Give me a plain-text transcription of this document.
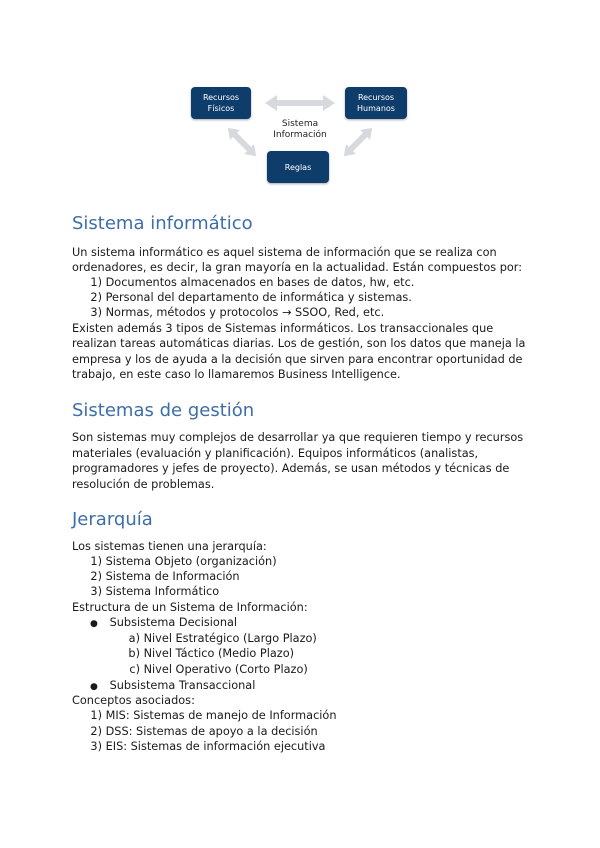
Recursos
Físicos
Recursos
Humanos
Reglas
Sistema
Información
Sistema informático

Un sistema informático es aquel sistema de información que se realiza con

ordenadores, es decir, la gran mayoría en la actualidad. Están compuestos por:

1) Documentos almacenados en bases de datos, hw, etc.
2) Personal del departamento de informática y sistemas.
3) Normas, métodos y protocolos → SSOO, Red, etc.

Existen además 3 tipos de Sistemas informáticos. Los transaccionales que

realizan tareas automáticas diarias. Los de gestión, son los datos que maneja la

empresa y los de ayuda a la decisión que sirven para encontrar oportunidad de

trabajo, en este caso lo llamaremos Business Intelligence.

Sistemas de gestión

Son sistemas muy complejos de desarrollar ya que requieren tiempo y recursos

materiales (evaluación y planificación). Equipos informáticos (analistas,

programadores y jefes de proyecto). Además, se usan métodos y técnicas de

resolución de problemas.

Jerarquía

Los sistemas tienen una jerarquía:

1) Sistema Objeto (organización)
2) Sistema de Información
3) Sistema Informático

Estructura de un Sistema de Información:

● Subsistema Decisional
a) Nivel Estratégico (Largo Plazo)
b) Nivel Táctico (Medio Plazo)
c) Nivel Operativo (Corto Plazo)
● Subsistema Transaccional

Conceptos asociados:

1) MIS: Sistemas de manejo de Información
2) DSS: Sistemas de apoyo a la decisión
3) EIS: Sistemas de información ejecutiva
